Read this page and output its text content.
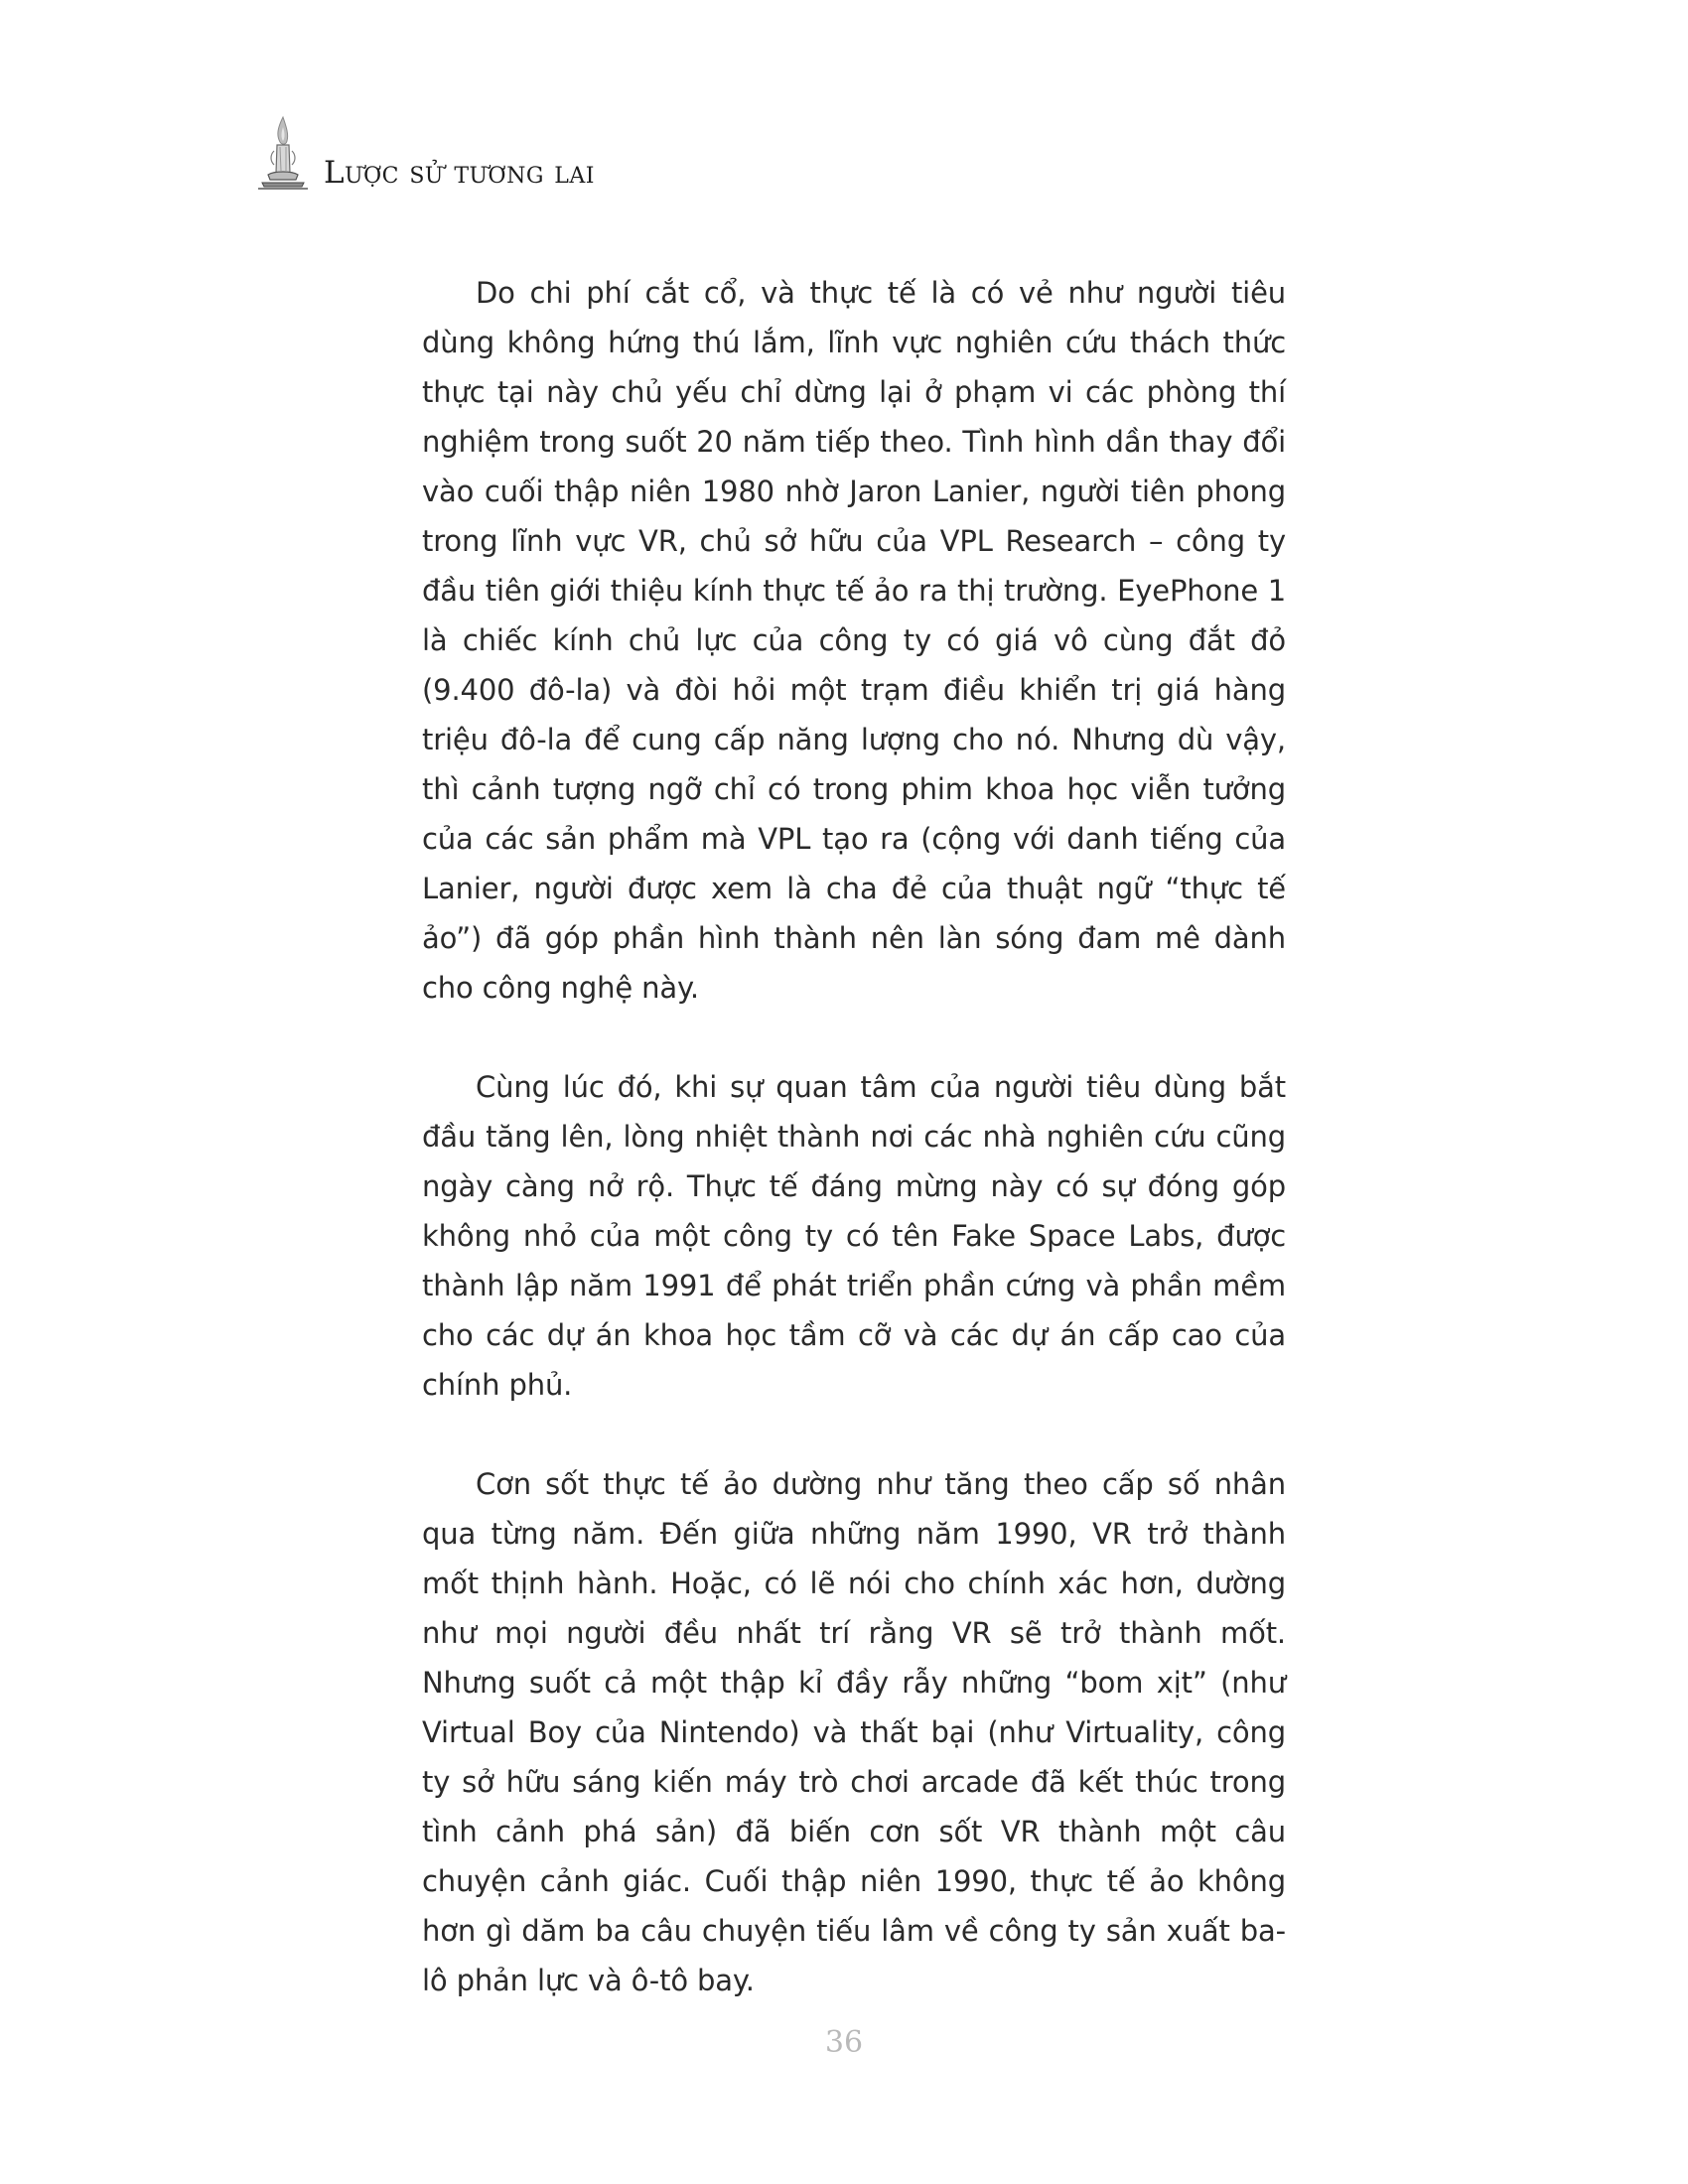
Lược sử tương lai

Do chi phí cắt cổ, và thực tế là có vẻ như người tiêu dùng không hứng thú lắm, lĩnh vực nghiên cứu thách thức thực tại này chủ yếu chỉ dừng lại ở phạm vi các phòng thí nghiệm trong suốt 20 năm tiếp theo. Tình hình dần thay đổi vào cuối thập niên 1980 nhờ Jaron Lanier, người tiên phong trong lĩnh vực VR, chủ sở hữu của VPL Research – công ty đầu tiên giới thiệu kính thực tế ảo ra thị trường. EyePhone 1 là chiếc kính chủ lực của công ty có giá vô cùng đắt đỏ (9.400 đô-la) và đòi hỏi một trạm điều khiển trị giá hàng triệu đô-la để cung cấp năng lượng cho nó. Nhưng dù vậy, thì cảnh tượng ngỡ chỉ có trong phim khoa học viễn tưởng của các sản phẩm mà VPL tạo ra (cộng với danh tiếng của Lanier, người được xem là cha đẻ của thuật ngữ “thực tế ảo”) đã góp phần hình thành nên làn sóng đam mê dành cho công nghệ này.

Cùng lúc đó, khi sự quan tâm của người tiêu dùng bắt đầu tăng lên, lòng nhiệt thành nơi các nhà nghiên cứu cũng ngày càng nở rộ. Thực tế đáng mừng này có sự đóng góp không nhỏ của một công ty có tên Fake Space Labs, được thành lập năm 1991 để phát triển phần cứng và phần mềm cho các dự án khoa học tầm cỡ và các dự án cấp cao của chính phủ.

Cơn sốt thực tế ảo dường như tăng theo cấp số nhân qua từng năm. Đến giữa những năm 1990, VR trở thành mốt thịnh hành. Hoặc, có lẽ nói cho chính xác hơn, dường như mọi người đều nhất trí rằng VR sẽ trở thành mốt. Nhưng suốt cả một thập kỉ đầy rẫy những “bom xịt” (như Virtual Boy của Nintendo) và thất bại (như Virtuality, công ty sở hữu sáng kiến máy trò chơi arcade đã kết thúc trong tình cảnh phá sản) đã biến cơn sốt VR thành một câu chuyện cảnh giác. Cuối thập niên 1990, thực tế ảo không hơn gì dăm ba câu chuyện tiếu lâm về công ty sản xuất ba-lô phản lực và ô-tô bay.

36
